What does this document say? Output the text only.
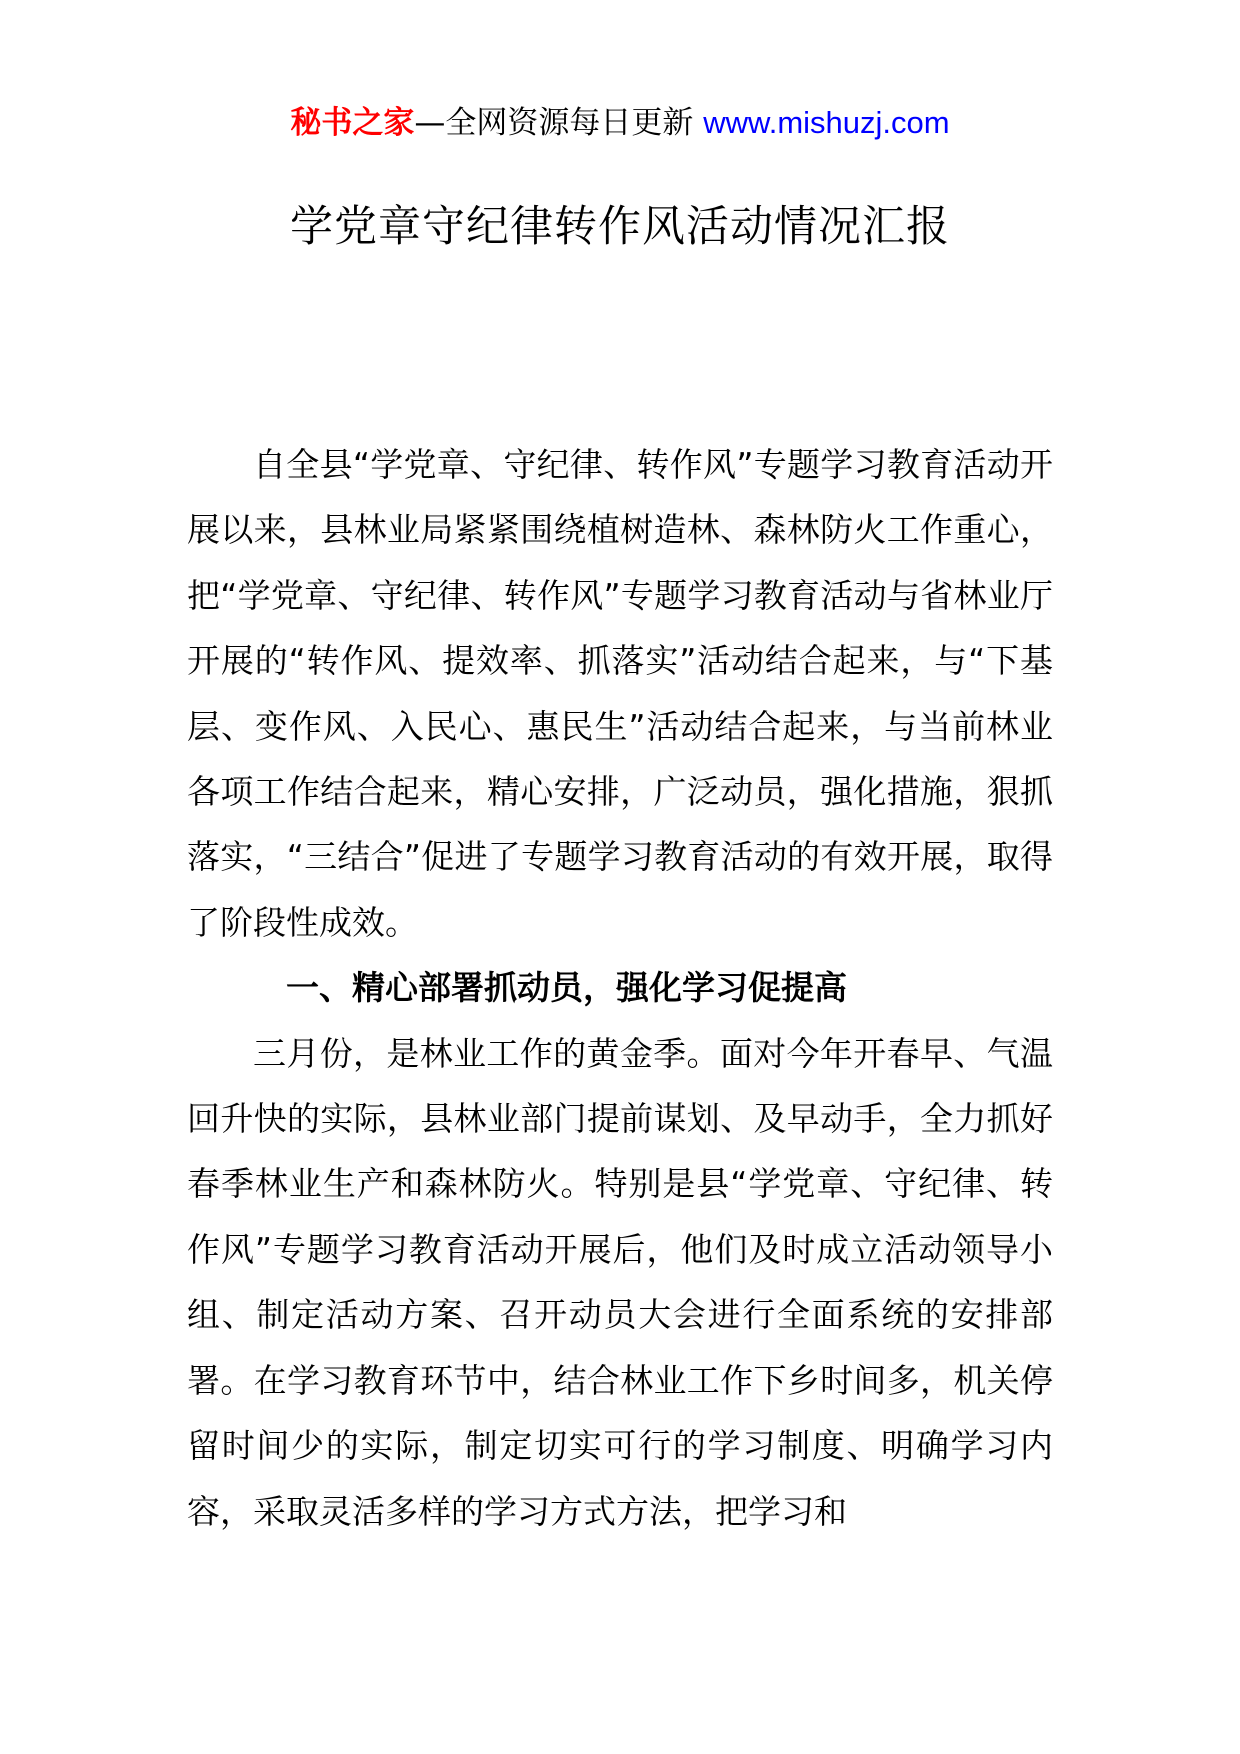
秘书之家—全网资源每日更新 www.mishuzj.com
学党章守纪律转作风活动情况汇报

自全县“学党章、守纪律、转作风”专题学习教育活动开展以来，县林业局紧紧围绕植树造林、森林防火工作重心，把“学党章、守纪律、转作风”专题学习教育活动与省林业厅开展的“转作风、提效率、抓落实”活动结合起来，与“下基层、变作风、入民心、惠民生”活动结合起来，与当前林业各项工作结合起来，精心安排，广泛动员，强化措施，狠抓落实，“三结合”促进了专题学习教育活动的有效开展，取得了阶段性成效。

一、精心部署抓动员，强化学习促提高

三月份，是林业工作的黄金季。面对今年开春早、气温回升快的实际，县林业部门提前谋划、及早动手，全力抓好春季林业生产和森林防火。特别是县“学党章、守纪律、转作风”专题学习教育活动开展后，他们及时成立活动领导小组、制定活动方案、召开动员大会进行全面系统的安排部署。在学习教育环节中，结合林业工作下乡时间多，机关停留时间少的实际，制定切实可行的学习制度、明确学习内容，采取灵活多样的学习方式方法，把学习和
